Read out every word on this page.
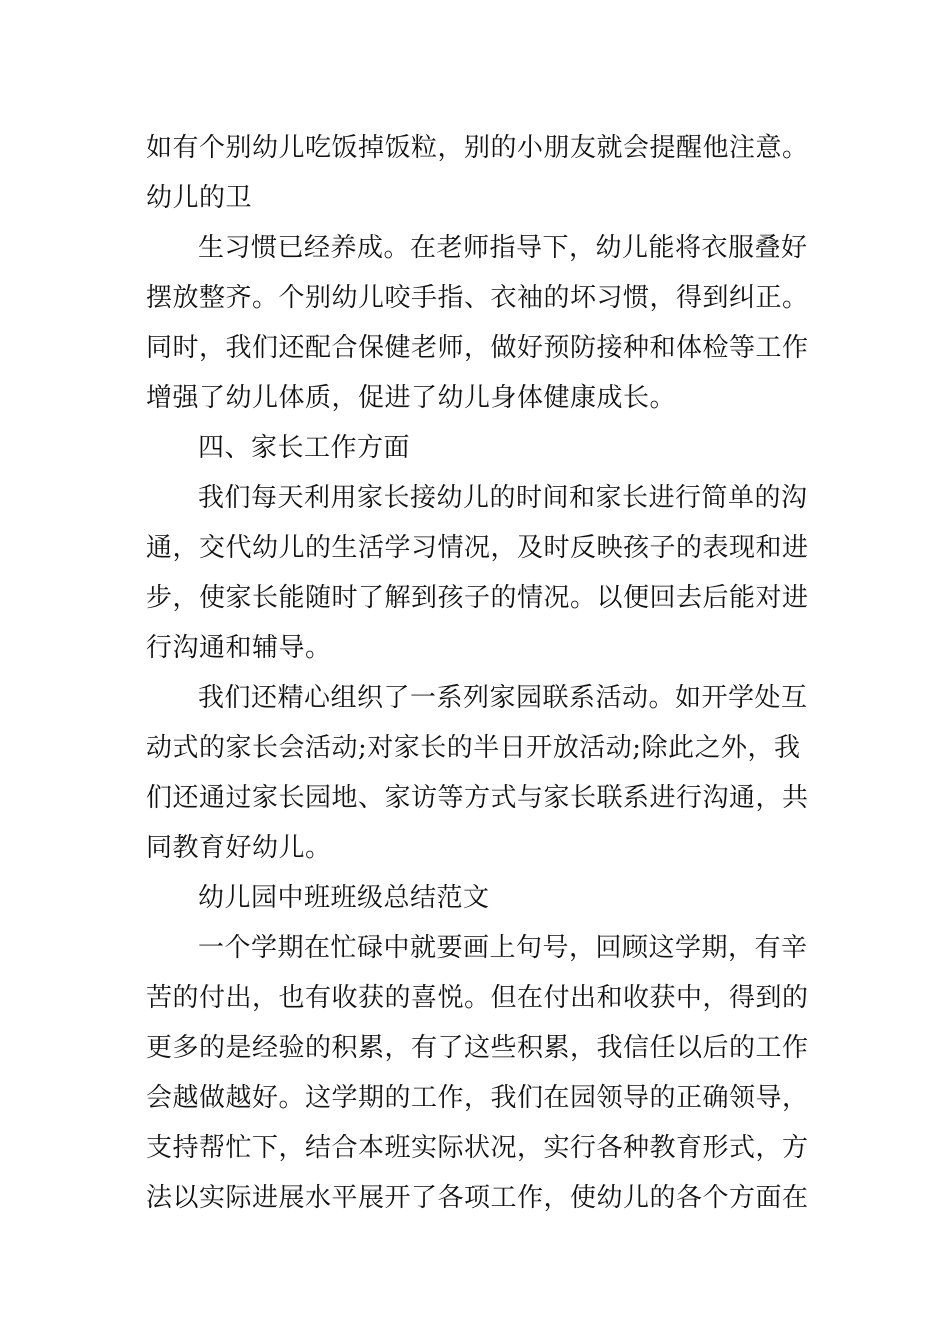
如有个别幼儿吃饭掉饭粒，别的小朋友就会提醒他注意。
幼儿的卫
生习惯已经养成。在老师指导下，幼儿能将衣服叠好
摆放整齐。个别幼儿咬手指、衣袖的坏习惯，得到纠正。
同时，我们还配合保健老师，做好预防接种和体检等工作
增强了幼儿体质，促进了幼儿身体健康成长。
四、家长工作方面
我们每天利用家长接幼儿的时间和家长进行简单的沟
通，交代幼儿的生活学习情况，及时反映孩子的表现和进
步，使家长能随时了解到孩子的情况。以便回去后能对进
行沟通和辅导。
我们还精心组织了一系列家园联系活动。如开学处互
动式的家长会活动;对家长的半日开放活动;除此之外，我
们还通过家长园地、家访等方式与家长联系进行沟通，共
同教育好幼儿。
幼儿园中班班级总结范文
一个学期在忙碌中就要画上句号，回顾这学期，有辛
苦的付出，也有收获的喜悦。但在付出和收获中，得到的
更多的是经验的积累，有了这些积累，我信任以后的工作
会越做越好。这学期的工作，我们在园领导的正确领导，
支持帮忙下，结合本班实际状况，实行各种教育形式，方
法以实际进展水平展开了各项工作，使幼儿的各个方面在
